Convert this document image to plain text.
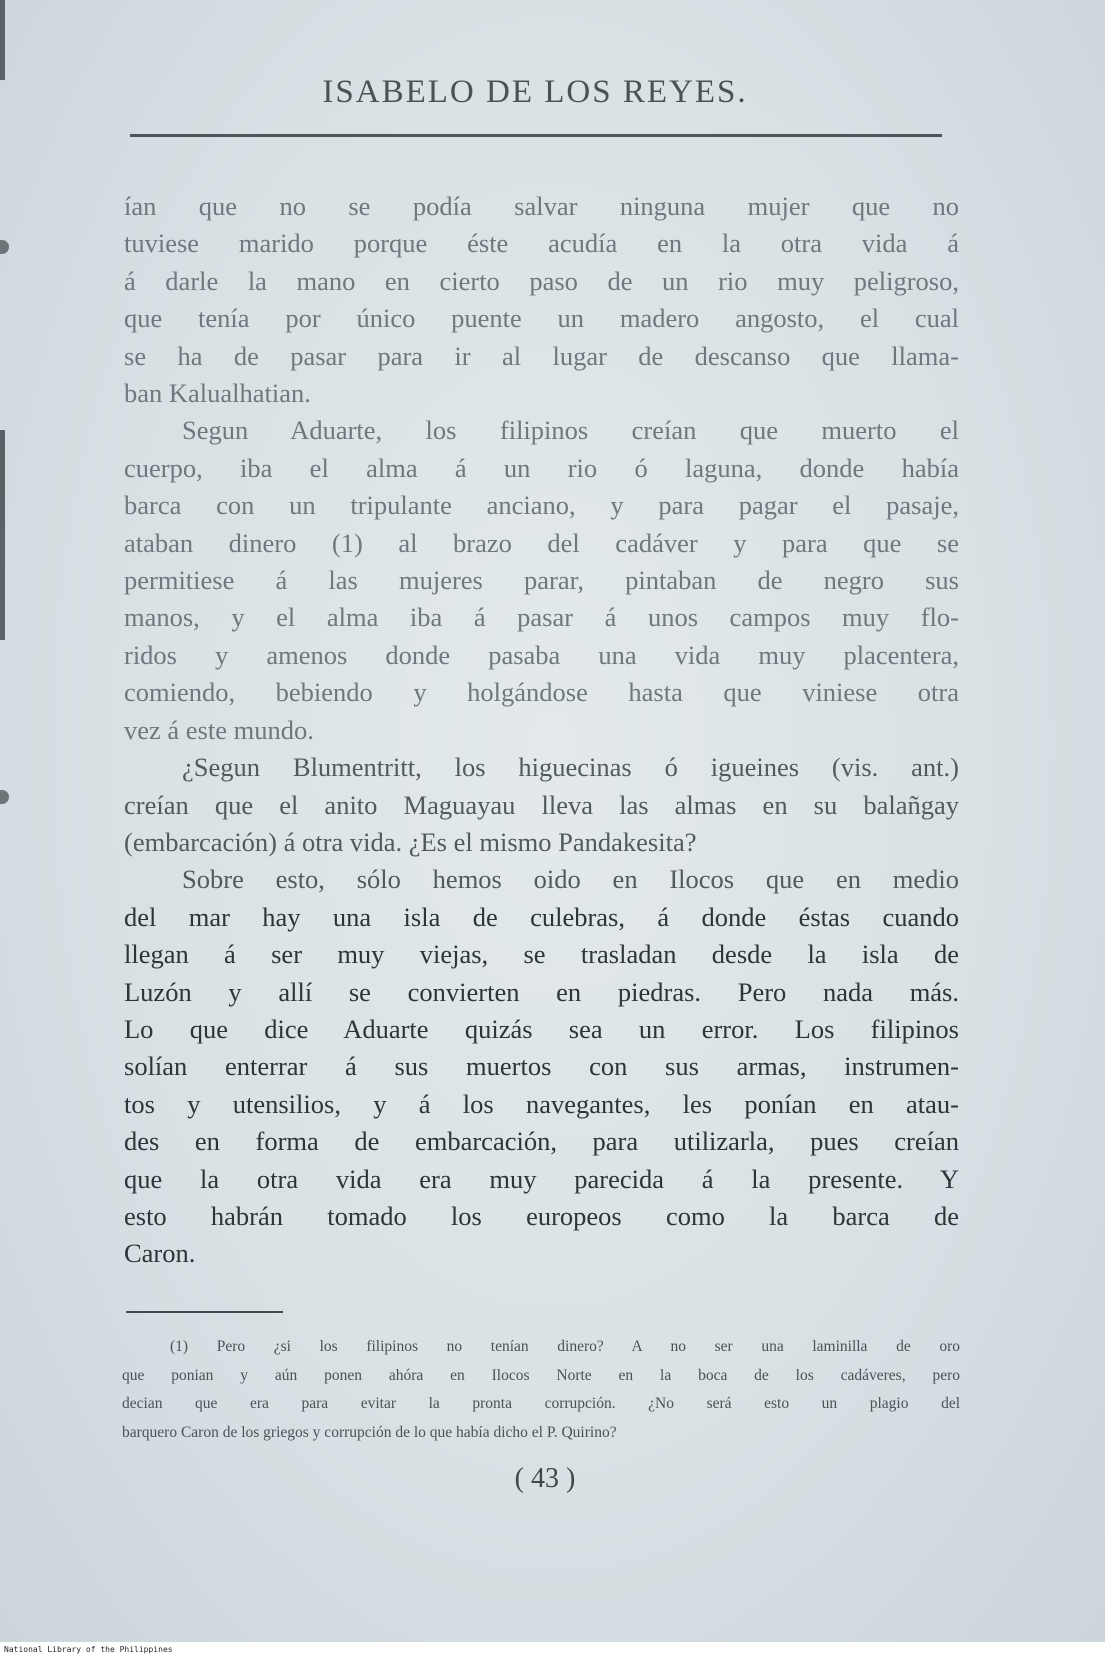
ISABELO DE LOS REYES.

ían que no se podía salvar ninguna mujer que no

tuviese marido porque éste acudía en la otra vida á

á darle la mano en cierto paso de un rio muy peligroso,

que tenía por único puente un madero angosto, el cual

se ha de pasar para ir al lugar de descanso que llama-

ban Kalualhatian.

Segun Aduarte, los filipinos creían que muerto el

cuerpo, iba el alma á un rio ó laguna, donde había

barca con un tripulante anciano, y para pagar el pasaje,

ataban dinero (1) al brazo del cadáver y para que se

permitiese á las mujeres parar, pintaban de negro sus

manos, y el alma iba á pasar á unos campos muy flo-

ridos y amenos donde pasaba una vida muy placentera,

comiendo, bebiendo y holgándose hasta que viniese otra

vez á este mundo.

¿Segun Blumentritt, los higuecinas ó igueines (vis. ant.)

creían que el anito Maguayau lleva las almas en su balañgay

(embarcación) á otra vida. ¿Es el mismo Pandakesita?

Sobre esto, sólo hemos oido en Ilocos que en medio

del mar hay una isla de culebras, á donde éstas cuando

llegan á ser muy viejas, se trasladan desde la isla de

Luzón y allí se convierten en piedras. Pero nada más.

Lo que dice Aduarte quizás sea un error. Los filipinos

solían enterrar á sus muertos con sus armas, instrumen-

tos y utensilios, y á los navegantes, les ponían en atau-

des en forma de embarcación, para utilizarla, pues creían

que la otra vida era muy parecida á la presente. Y

esto habrán tomado los europeos como la barca de

Caron.

(1) Pero ¿si los filipinos no tenían dinero? A no ser una laminilla de oro

que ponian y aún ponen ahóra en Ilocos Norte en la boca de los cadáveres, pero

decian que era para evitar la pronta corrupción. ¿No será esto un plagio del

barquero Caron de los griegos y corrupción de lo que había dicho el P. Quirino?

( 43 )
National Library of the Philippines
